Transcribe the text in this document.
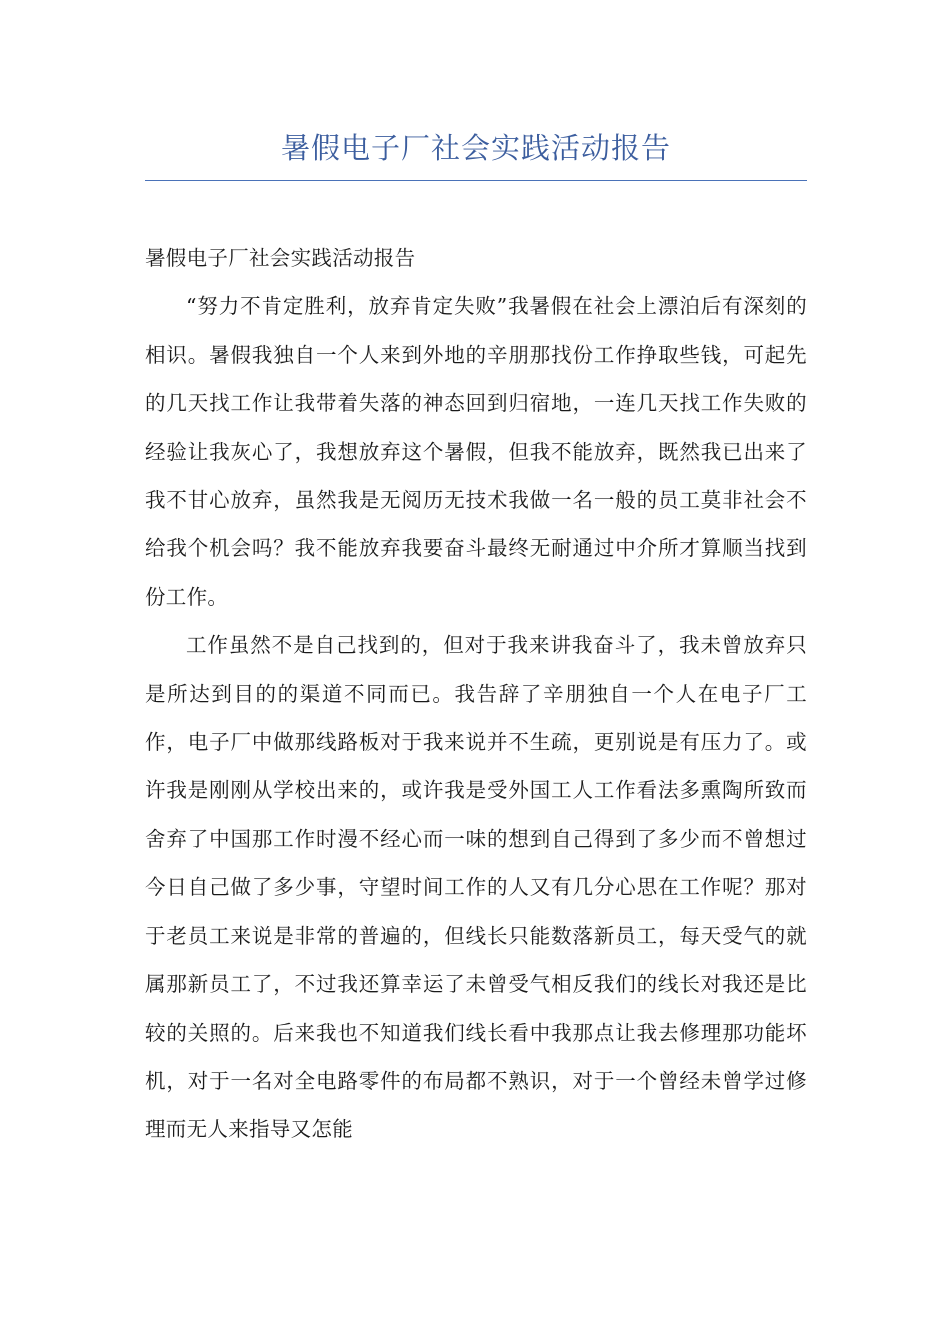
暑假电子厂社会实践活动报告

暑假电子厂社会实践活动报告

“努力不肯定胜利，放弃肯定失败”我暑假在社会上漂泊后有深刻的相识。暑假我独自一个人来到外地的辛朋那找份工作挣取些钱，可起先的几天找工作让我带着失落的神态回到归宿地，一连几天找工作失败的经验让我灰心了，我想放弃这个暑假，但我不能放弃，既然我已出来了我不甘心放弃，虽然我是无阅历无技术我做一名一般的员工莫非社会不给我个机会吗？我不能放弃我要奋斗最终无耐通过中介所才算顺当找到份工作。

工作虽然不是自己找到的，但对于我来讲我奋斗了，我未曾放弃只是所达到目的的渠道不同而已。我告辞了辛朋独自一个人在电子厂工作，电子厂中做那线路板对于我来说并不生疏，更别说是有压力了。或许我是刚刚从学校出来的，或许我是受外国工人工作看法多熏陶所致而舍弃了中国那工作时漫不经心而一味的想到自己得到了多少而不曾想过今日自己做了多少事，守望时间工作的人又有几分心思在工作呢？那对于老员工来说是非常的普遍的，但线长只能数落新员工，每天受气的就属那新员工了，不过我还算幸运了未曾受气相反我们的线长对我还是比较的关照的。后来我也不知道我们线长看中我那点让我去修理那功能坏机，对于一名对全电路零件的布局都不熟识，对于一个曾经未曾学过修理而无人来指导又怎能
